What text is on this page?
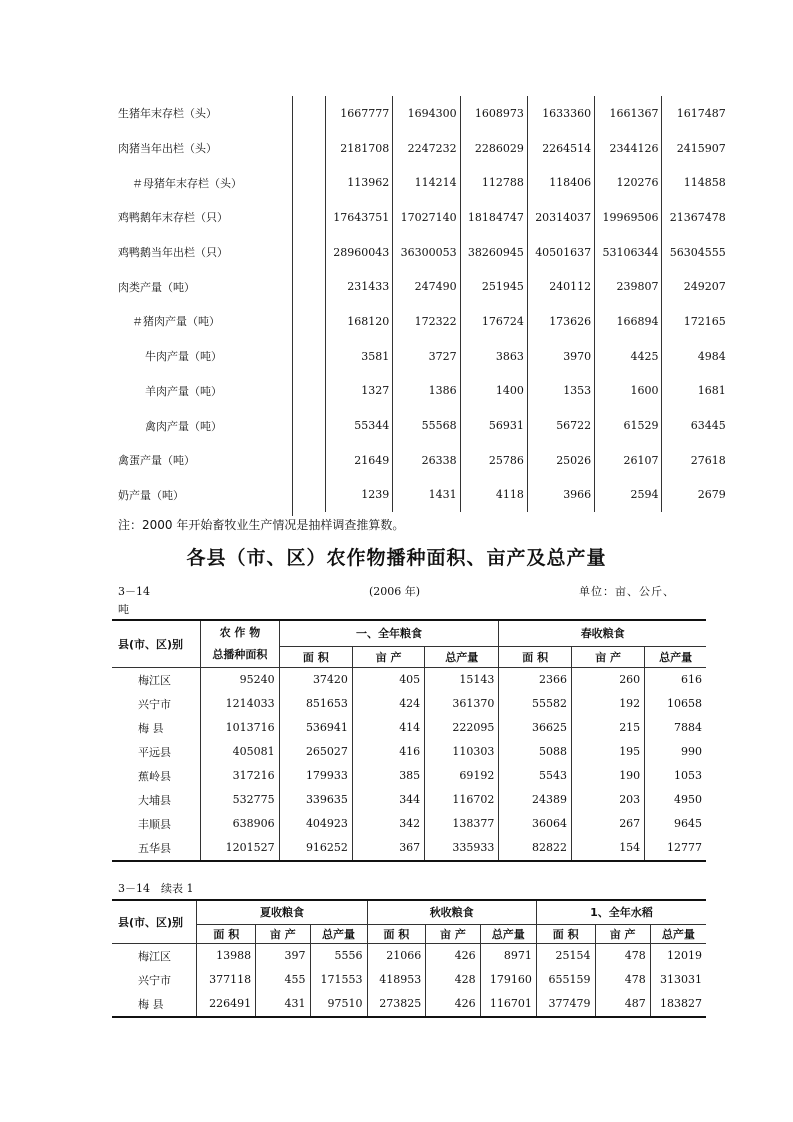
生猪年末存栏（头）	1667777	1694300	1608973	1633360	1661367	1617487
肉猪当年出栏（头）	2181708	2247232	2286029	2264514	2344126	2415907
＃母猪年末存栏（头）	113962	114214	112788	118406	120276	114858
鸡鸭鹅年末存栏（只）	17643751	17027140	18184747	20314037	19969506	21367478
鸡鸭鹅当年出栏（只）	28960043	36300053	38260945	40501637	53106344	56304555
肉类产量（吨）	231433	247490	251945	240112	239807	249207
＃猪肉产量（吨）	168120	172322	176724	173626	166894	172165
牛肉产量（吨）	3581	3727	3863	3970	4425	4984
羊肉产量（吨）	1327	1386	1400	1353	1600	1681
禽肉产量（吨）	55344	55568	56931	56722	61529	63445
禽蛋产量（吨）	21649	26338	25786	25026	26107	27618
奶产量（吨）	1239	1431	4118	3966	2594	2679
注：2000 年开始畜牧业生产情况是抽样调查推算数。
各县（市、区）农作物播种面积、亩产及总产量
3－14	(2006 年)	单位：亩、公斤、
吨
县(市、区)别	农 作 物
总播种面积	一、全年粮食			春收粮食		
		面 积	亩 产	总产量	面 积	亩 产	总产量
梅江区	95240	37420	405	15143	2366	260	616
兴宁市	1214033	851653	424	361370	55582	192	10658
梅 县	1013716	536941	414	222095	36625	215	7884
平远县	405081	265027	416	110303	5088	195	990
蕉岭县	317216	179933	385	69192	5543	190	1053
大埔县	532775	339635	344	116702	24389	203	4950
丰顺县	638906	404923	342	138377	36064	267	9645
五华县	1201527	916252	367	335933	82822	154	12777
3－14　续表 1
县(市、区)别	夏收粮食			秋收粮食			1、全年水稻		
	面 积	亩 产	总产量	面 积	亩 产	总产量	面 积	亩 产	总产量
梅江区	13988	397	5556	21066	426	8971	25154	478	12019
兴宁市	377118	455	171553	418953	428	179160	655159	478	313031
梅 县	226491	431	97510	273825	426	116701	377479	487	183827
